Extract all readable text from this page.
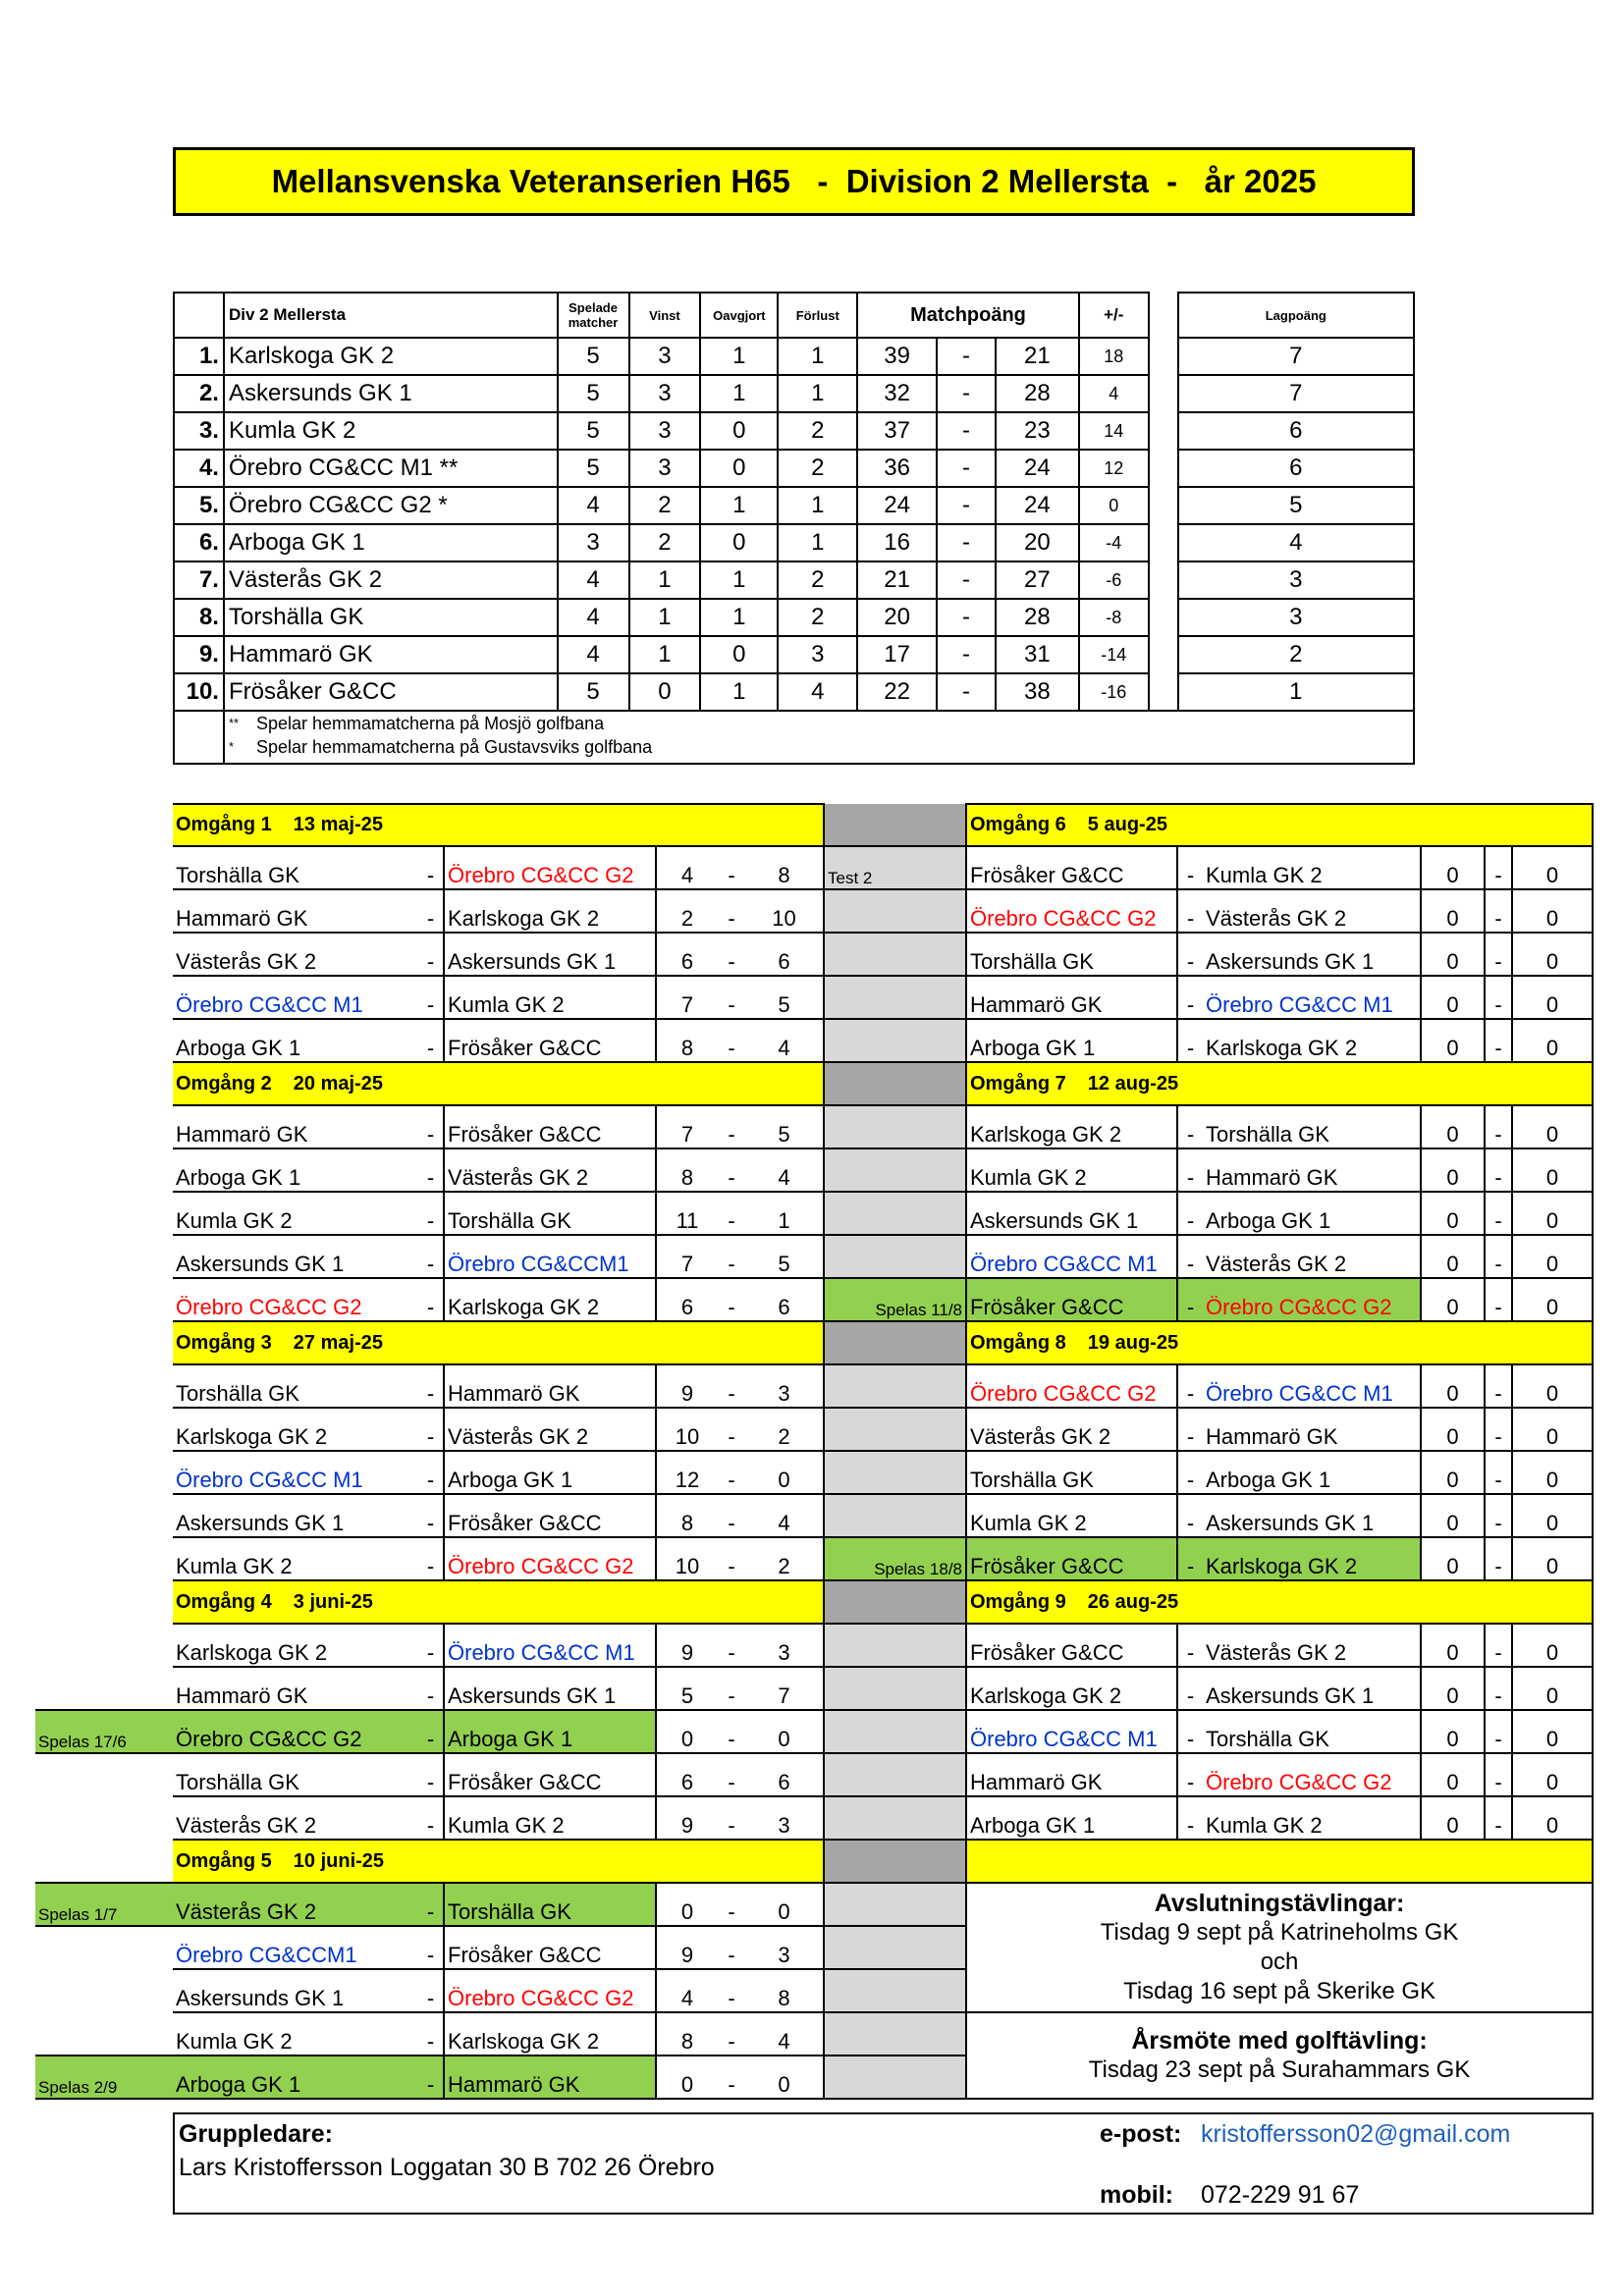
Mellansvenska Veteranserien H65   -  Division 2 Mellersta  -   år 2025
	Div 2 Mellersta	Spelade matcher	Vinst	Oavgjort	Förlust	Matchpoäng			+/-		Lagpoäng
1.	Karlskoga GK 2	5	3	1	1	39	-	21	18		7
2.	Askersunds GK 1	5	3	1	1	32	-	28	4		7
3.	Kumla GK 2	5	3	0	2	37	-	23	14		6
4.	Örebro CG&CC M1 **	5	3	0	2	36	-	24	12		6
5.	Örebro CG&CC G2 *	4	2	1	1	24	-	24	0		5
6.	Arboga GK 1	3	2	0	1	16	-	20	-4		4
7.	Västerås GK 2	4	1	1	2	21	-	27	-6		3
8.	Torshälla GK	4	1	1	2	20	-	28	-8		3
9.	Hammarö GK	4	1	0	3	17	-	31	-14		2
10.	Frösåker G&CC	5	0	1	4	22	-	38	-16		1

	** Spelar hemmamatcherna på Mosjö golfbana
* Spelar hemmamatcherna på Gustavsviks golfbana										
	Omgång 1 13 maj-25							Omgång 6 5 aug-25					
	Torshälla GK	-	Örebro CG&CC G2	4	-	8	Test 2	Frösåker G&CC	-	Kumla GK 2	0	-	0
	Hammarö GK	-	Karlskoga GK 2	2	-	10		Örebro CG&CC G2	-	Västerås GK 2	0	-	0
	Västerås GK 2	-	Askersunds GK 1	6	-	6		Torshälla GK	-	Askersunds GK 1	0	-	0
	Örebro CG&CC M1	-	Kumla GK 2	7	-	5		Hammarö GK	-	Örebro CG&CC M1	0	-	0
	Arboga GK 1	-	Frösåker G&CC	8	-	4		Arboga GK 1	-	Karlskoga GK 2	0	-	0
	Omgång 2 20 maj-25							Omgång 7 12 aug-25					
	Hammarö GK	-	Frösåker G&CC	7	-	5		Karlskoga GK 2	-	Torshälla GK	0	-	0
	Arboga GK 1	-	Västerås GK 2	8	-	4		Kumla GK 2	-	Hammarö GK	0	-	0
	Kumla GK 2	-	Torshälla GK	11	-	1		Askersunds GK 1	-	Arboga GK 1	0	-	0
	Askersunds GK 1	-	Örebro CG&CCM1	7	-	5		Örebro CG&CC M1	-	Västerås GK 2	0	-	0
	Örebro CG&CC G2	-	Karlskoga GK 2	6	-	6	Spelas 11/8	Frösåker G&CC	-	Örebro CG&CC G2	0	-	0
	Omgång 3 27 maj-25							Omgång 8 19 aug-25					
	Torshälla GK	-	Hammarö GK	9	-	3		Örebro CG&CC G2	-	Örebro CG&CC M1	0	-	0
	Karlskoga GK 2	-	Västerås GK 2	10	-	2		Västerås GK 2	-	Hammarö GK	0	-	0
	Örebro CG&CC M1	-	Arboga GK 1	12	-	0		Torshälla GK	-	Arboga GK 1	0	-	0
	Askersunds GK 1	-	Frösåker G&CC	8	-	4		Kumla GK 2	-	Askersunds GK 1	0	-	0
	Kumla GK 2	-	Örebro CG&CC G2	10	-	2	Spelas 18/8	Frösåker G&CC	-	Karlskoga GK 2	0	-	0
	Omgång 4 3 juni-25							Omgång 9 26 aug-25					
	Karlskoga GK 2	-	Örebro CG&CC M1	9	-	3		Frösåker G&CC	-	Västerås GK 2	0	-	0
	Hammarö GK	-	Askersunds GK 1	5	-	7		Karlskoga GK 2	-	Askersunds GK 1	0	-	0
Spelas 17/6	Örebro CG&CC G2	-	Arboga GK 1	0	-	0		Örebro CG&CC M1	-	Torshälla GK	0	-	0
	Torshälla GK	-	Frösåker G&CC	6	-	6		Hammarö GK	-	Örebro CG&CC G2	0	-	0
	Västerås GK 2	-	Kumla GK 2	9	-	3		Arboga GK 1	-	Kumla GK 2	0	-	0
	Omgång 5 10 juni-25												
Spelas 1/7	Västerås GK 2	-	Torshälla GK	0	-	0		Avslutningstävlingar:
Tisdag 9 sept på Katrineholms GK
och
Tisdag 16 sept på Skerike GK					

	Örebro CG&CCM1	-	Frösåker G&CC	9	-	3							
	Askersunds GK 1	-	Örebro CG&CC G2	4	-	8							
	Kumla GK 2	-	Karlskoga GK 2	8	-	4		Årsmöte med golftävling:
Tisdag 23 sept på Surahammars GK					

Spelas 2/9	Arboga GK 1	-	Hammarö GK	0	-	0							
Gruppledare:
Lars Kristoffersson Loggatan 30 B 702 26 Örebro
e-post: kristoffersson02@gmail.com
mobil: 072-229 91 67
